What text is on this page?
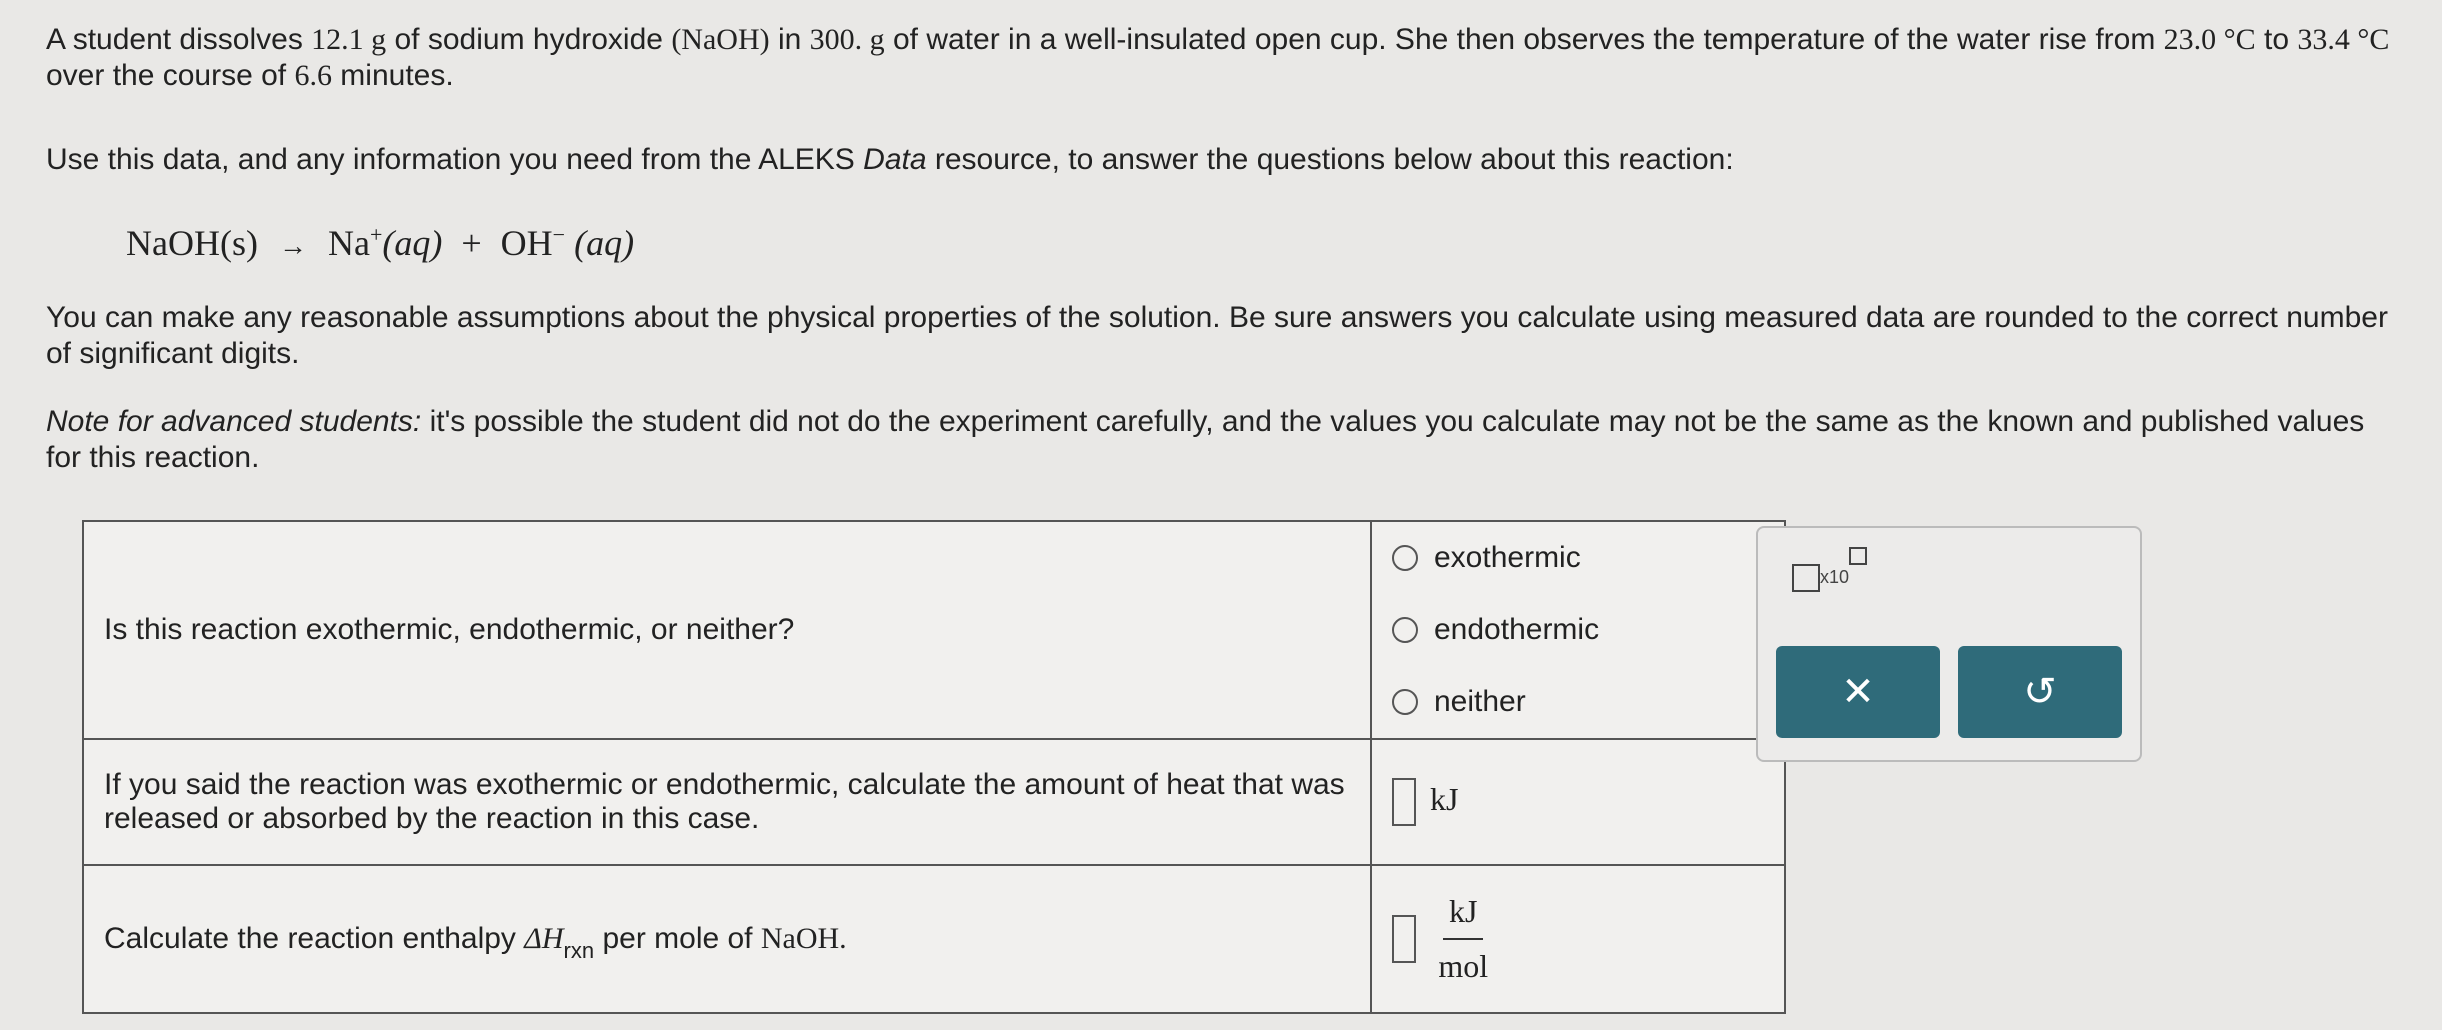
A student dissolves 12.1 g of sodium hydroxide (NaOH) in 300. g of water in a well-insulated open cup. She then observes the temperature of the water rise from 23.0 °C to 33.4 °C over the course of 6.6 minutes.
Use this data, and any information you need from the ALEKS Data resource, to answer the questions below about this reaction:
NaOH(s) → Na+(aq) + OH− (aq)
You can make any reasonable assumptions about the physical properties of the solution. Be sure answers you calculate using measured data are rounded to the correct number of significant digits.
Note for advanced students: it's possible the student did not do the experiment carefully, and the values you calculate may not be the same as the known and published values for this reaction.
Is this reaction exothermic, endothermic, or neither?	exothermic
endothermic
neither

If you said the reaction was exothermic or endothermic, calculate the amount of heat that was released or absorbed by the reaction in this case.	kJ
Calculate the reaction enthalpy $\Delta H_{rxn}$ per mole of NaOH.	$\frac{kJ}{\text{mol}}$
x10
✕	↺
